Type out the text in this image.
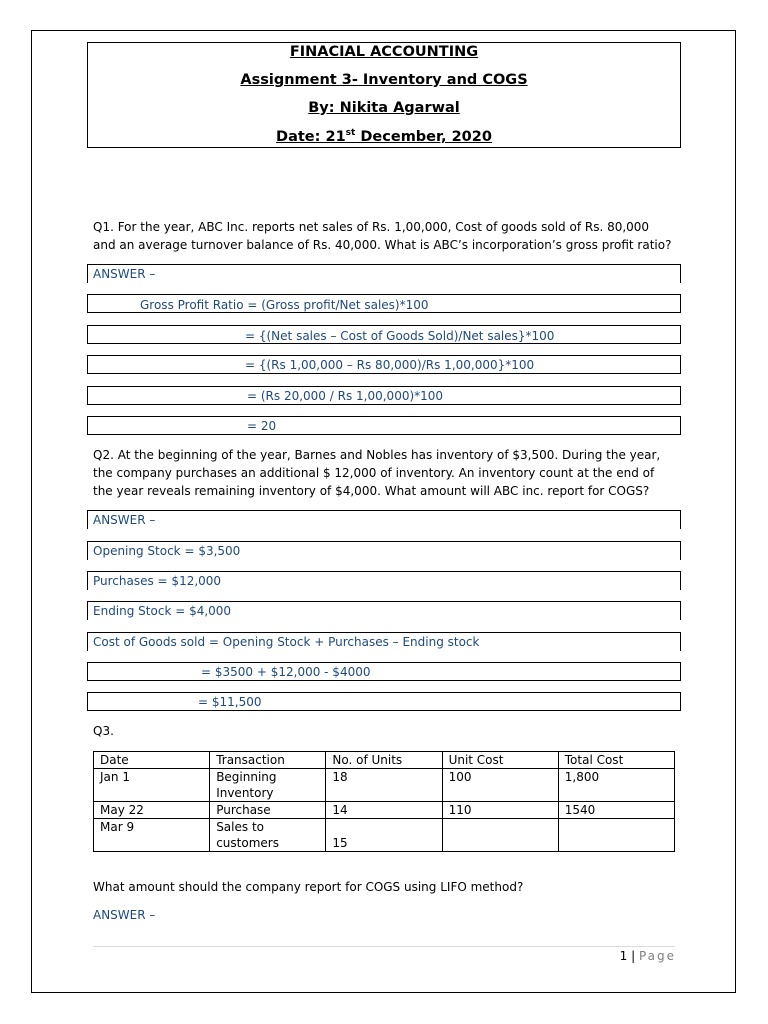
FINACIAL ACCOUNTING
Assignment 3- Inventory and COGS
By: Nikita Agarwal
Date: 21st December, 2020
Q1. For the year, ABC Inc. reports net sales of Rs. 1,00,000, Cost of goods sold of Rs. 80,000 and an average turnover balance of Rs. 40,000. What is ABC’s incorporation’s gross profit ratio?
ANSWER –
Gross Profit Ratio = (Gross profit/Net sales)*100
= {(Net sales – Cost of Goods Sold)/Net sales}*100
= {(Rs 1,00,000 – Rs 80,000)/Rs 1,00,000}*100
= (Rs 20,000 / Rs 1,00,000)*100
= 20
Q2. At the beginning of the year, Barnes and Nobles has inventory of $3,500. During the year, the company purchases an additional $ 12,000 of inventory. An inventory count at the end of the year reveals remaining inventory of $4,000. What amount will ABC inc. report for COGS?
ANSWER –
Opening Stock = $3,500
Purchases = $12,000
Ending Stock = $4,000
Cost of Goods sold = Opening Stock + Purchases – Ending stock
= $3500 + $12,000 - $4000
= $11,500
Q3.
Date	Transaction	No. of Units	Unit Cost	Total Cost
Jan 1	Beginning Inventory	18	100	1,800
May 22	Purchase	14	110	1540
Mar 9	Sales to customers	15		
What amount should the company report for COGS using LIFO method?
ANSWER –
1 | Page
